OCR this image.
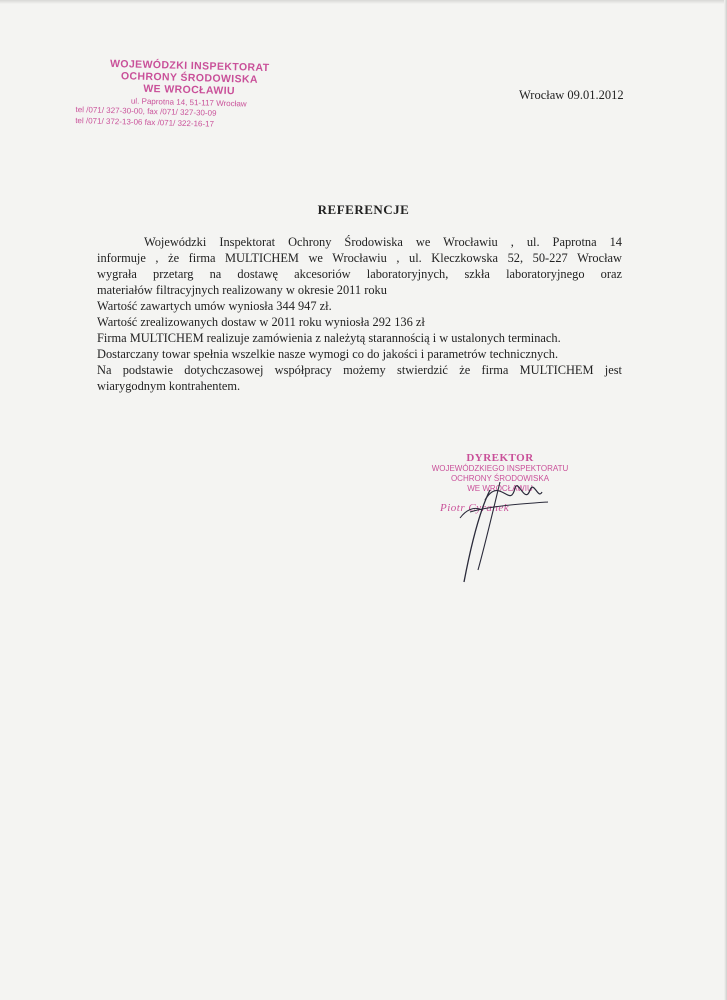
WOJEWÓDZKI INSPEKTORAT
OCHRONY ŚRODOWISKA
WE WROCŁAWIU
ul. Paprotna 14, 51-117 Wrocław
tel /071/ 327-30-00, fax /071/ 327-30-09
tel /071/ 372-13-06 fax /071/ 322-16-17
Wrocław 09.01.2012
REFERENCJE

Wojewódzki Inspektorat Ochrony Środowiska we Wrocławiu , ul. Paprotna 14

informuje , że firma MULTICHEM we Wrocławiu , ul. Kleczkowska 52, 50-227 Wrocław

wygrała przetarg na dostawę akcesoriów laboratoryjnych, szkła laboratoryjnego oraz

materiałów filtracyjnych realizowany w okresie 2011 roku

Wartość zawartych umów wyniosła 344 947 zł.

Wartość zrealizowanych dostaw w 2011 roku wyniosła 292 136 zł

Firma MULTICHEM realizuje zamówienia z należytą starannością i w ustalonych terminach.

Dostarczany towar spełnia wszelkie nasze wymogi co do jakości i parametrów technicznych.

Na podstawie dotychczasowej współpracy możemy stwierdzić że firma MULTICHEM jest

wiarygodnym kontrahentem.

DYREKTOR
WOJEWÓDZKIEGO INSPEKTORATU
OCHRONY ŚRODOWISKA
WE WROCŁAWIU
Piotr Cyranek
